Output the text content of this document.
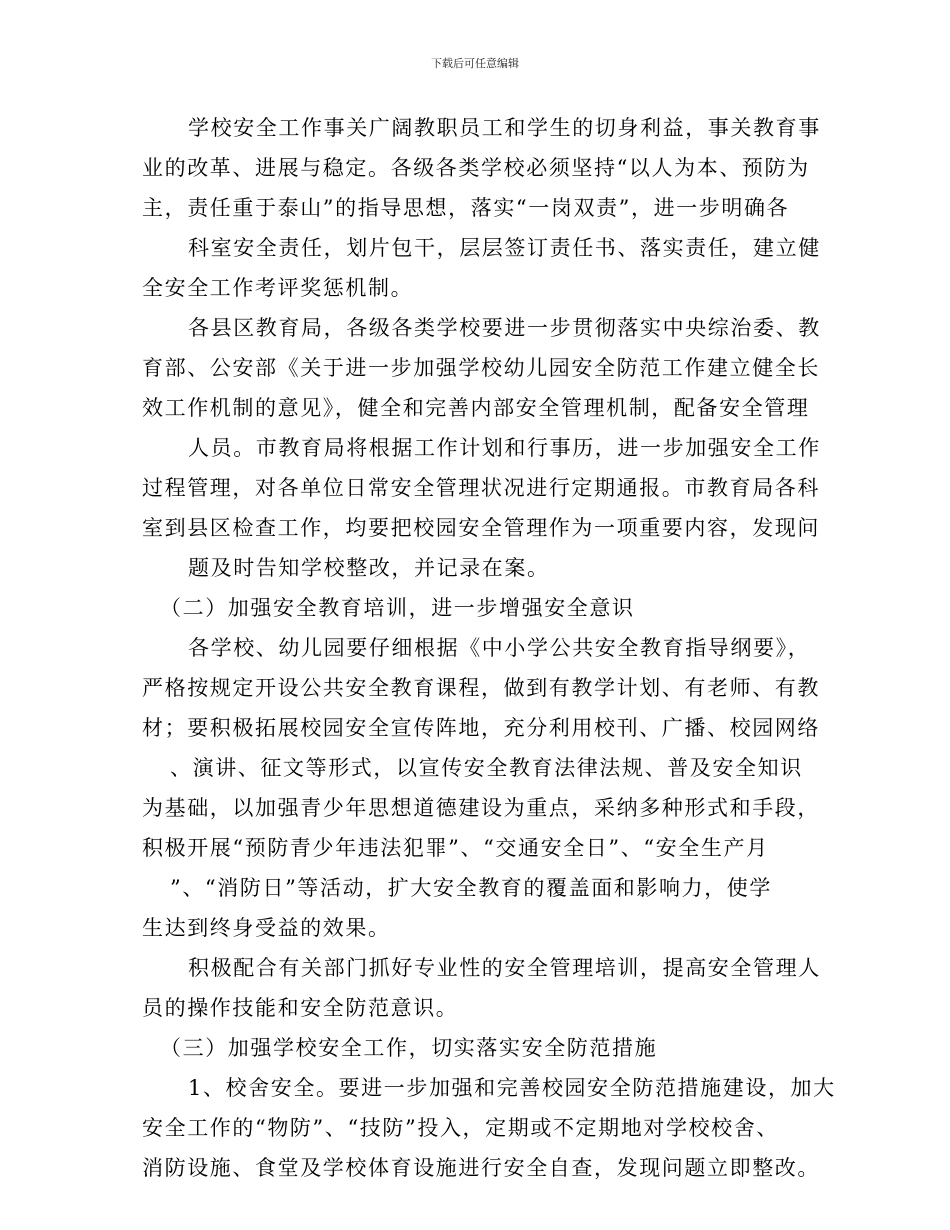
下载后可任意编辑
学校安全工作事关广阔教职员工和学生的切身利益，事关教育事
业的改革、进展与稳定。各级各类学校必须坚持“以人为本、预防为
主，责任重于泰山”的指导思想，落实“一岗双责”，进一步明确各
科室安全责任，划片包干，层层签订责任书、落实责任，建立健
全安全工作考评奖惩机制。
各县区教育局，各级各类学校要进一步贯彻落实中央综治委、教
育部、公安部《关于进一步加强学校幼儿园安全防范工作建立健全长
效工作机制的意见》，健全和完善内部安全管理机制，配备安全管理
人员。市教育局将根据工作计划和行事历，进一步加强安全工作
过程管理，对各单位日常安全管理状况进行定期通报。市教育局各科
室到县区检查工作，均要把校园安全管理作为一项重要内容，发现问
题及时告知学校整改，并记录在案。
（二）加强安全教育培训，进一步增强安全意识
各学校、幼儿园要仔细根据《中小学公共安全教育指导纲要》，
严格按规定开设公共安全教育课程，做到有教学计划、有老师、有教
材；要积极拓展校园安全宣传阵地，充分利用校刊、广播、校园网络
、演讲、征文等形式，以宣传安全教育法律法规、普及安全知识
为基础，以加强青少年思想道德建设为重点，采纳多种形式和手段，
积极开展“预防青少年违法犯罪”、“交通安全日”、“安全生产月
”、“消防日”等活动，扩大安全教育的覆盖面和影响力，使学
生达到终身受益的效果。
积极配合有关部门抓好专业性的安全管理培训，提高安全管理人
员的操作技能和安全防范意识。
（三）加强学校安全工作，切实落实安全防范措施
1、校舍安全。要进一步加强和完善校园安全防范措施建设，加大
安全工作的“物防”、“技防”投入，定期或不定期地对学校校舍、
消防设施、食堂及学校体育设施进行安全自查，发现问题立即整改。
